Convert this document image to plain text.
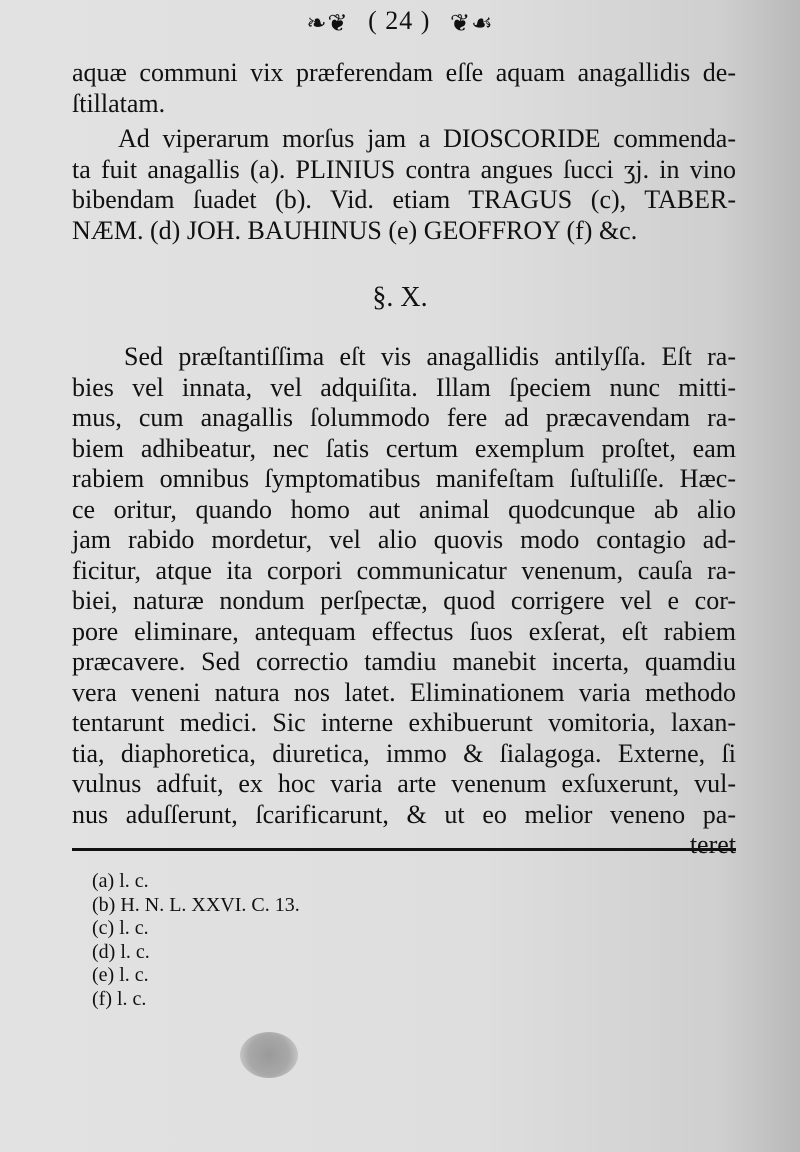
❧❦ ( 24 ) ❦☙
aquæ communi vix præferendam eſſe aquam anagallidis de-
ſtillatam.
Ad viperarum morſus jam a DIOSCORIDE commenda-
ta fuit anagallis (a). PLINIUS contra angues ſucci ʒj. in vino
bibendam ſuadet (b). Vid. etiam TRAGUS (c), TABER-
NÆM. (d) JOH. BAUHINUS (e) GEOFFROY (f) &c.
§. X.
Sed præſtantiſſima eſt vis anagallidis antilyſſa. Eſt ra-
bies vel innata, vel adquiſita. Illam ſpeciem nunc mitti-
mus, cum anagallis ſolummodo fere ad præcavendam ra-
biem adhibeatur, nec ſatis certum exemplum proſtet, eam
rabiem omnibus ſymptomatibus manifeſtam ſuſtuliſſe. Hæc-
ce oritur, quando homo aut animal quodcunque ab alio
jam rabido mordetur, vel alio quovis modo contagio ad-
ficitur, atque ita corpori communicatur venenum, cauſa ra-
biei, naturæ nondum perſpectæ, quod corrigere vel e cor-
pore eliminare, antequam effectus ſuos exſerat, eſt rabiem
præcavere. Sed correctio tamdiu manebit incerta, quamdiu
vera veneni natura nos latet. Eliminationem varia methodo
tentarunt medici. Sic interne exhibuerunt vomitoria, laxan-
tia, diaphoretica, diuretica, immo & ſialagoga. Externe, ſi
vulnus adfuit, ex hoc varia arte venenum exſuxerunt, vul-
nus aduſſerunt, ſcarificarunt, & ut eo melior veneno pa-
teret
(a) l. c.
(b) H. N. L. XXVI. C. 13.
(c) l. c.
(d) l. c.
(e) l. c.
(f) l. c.
